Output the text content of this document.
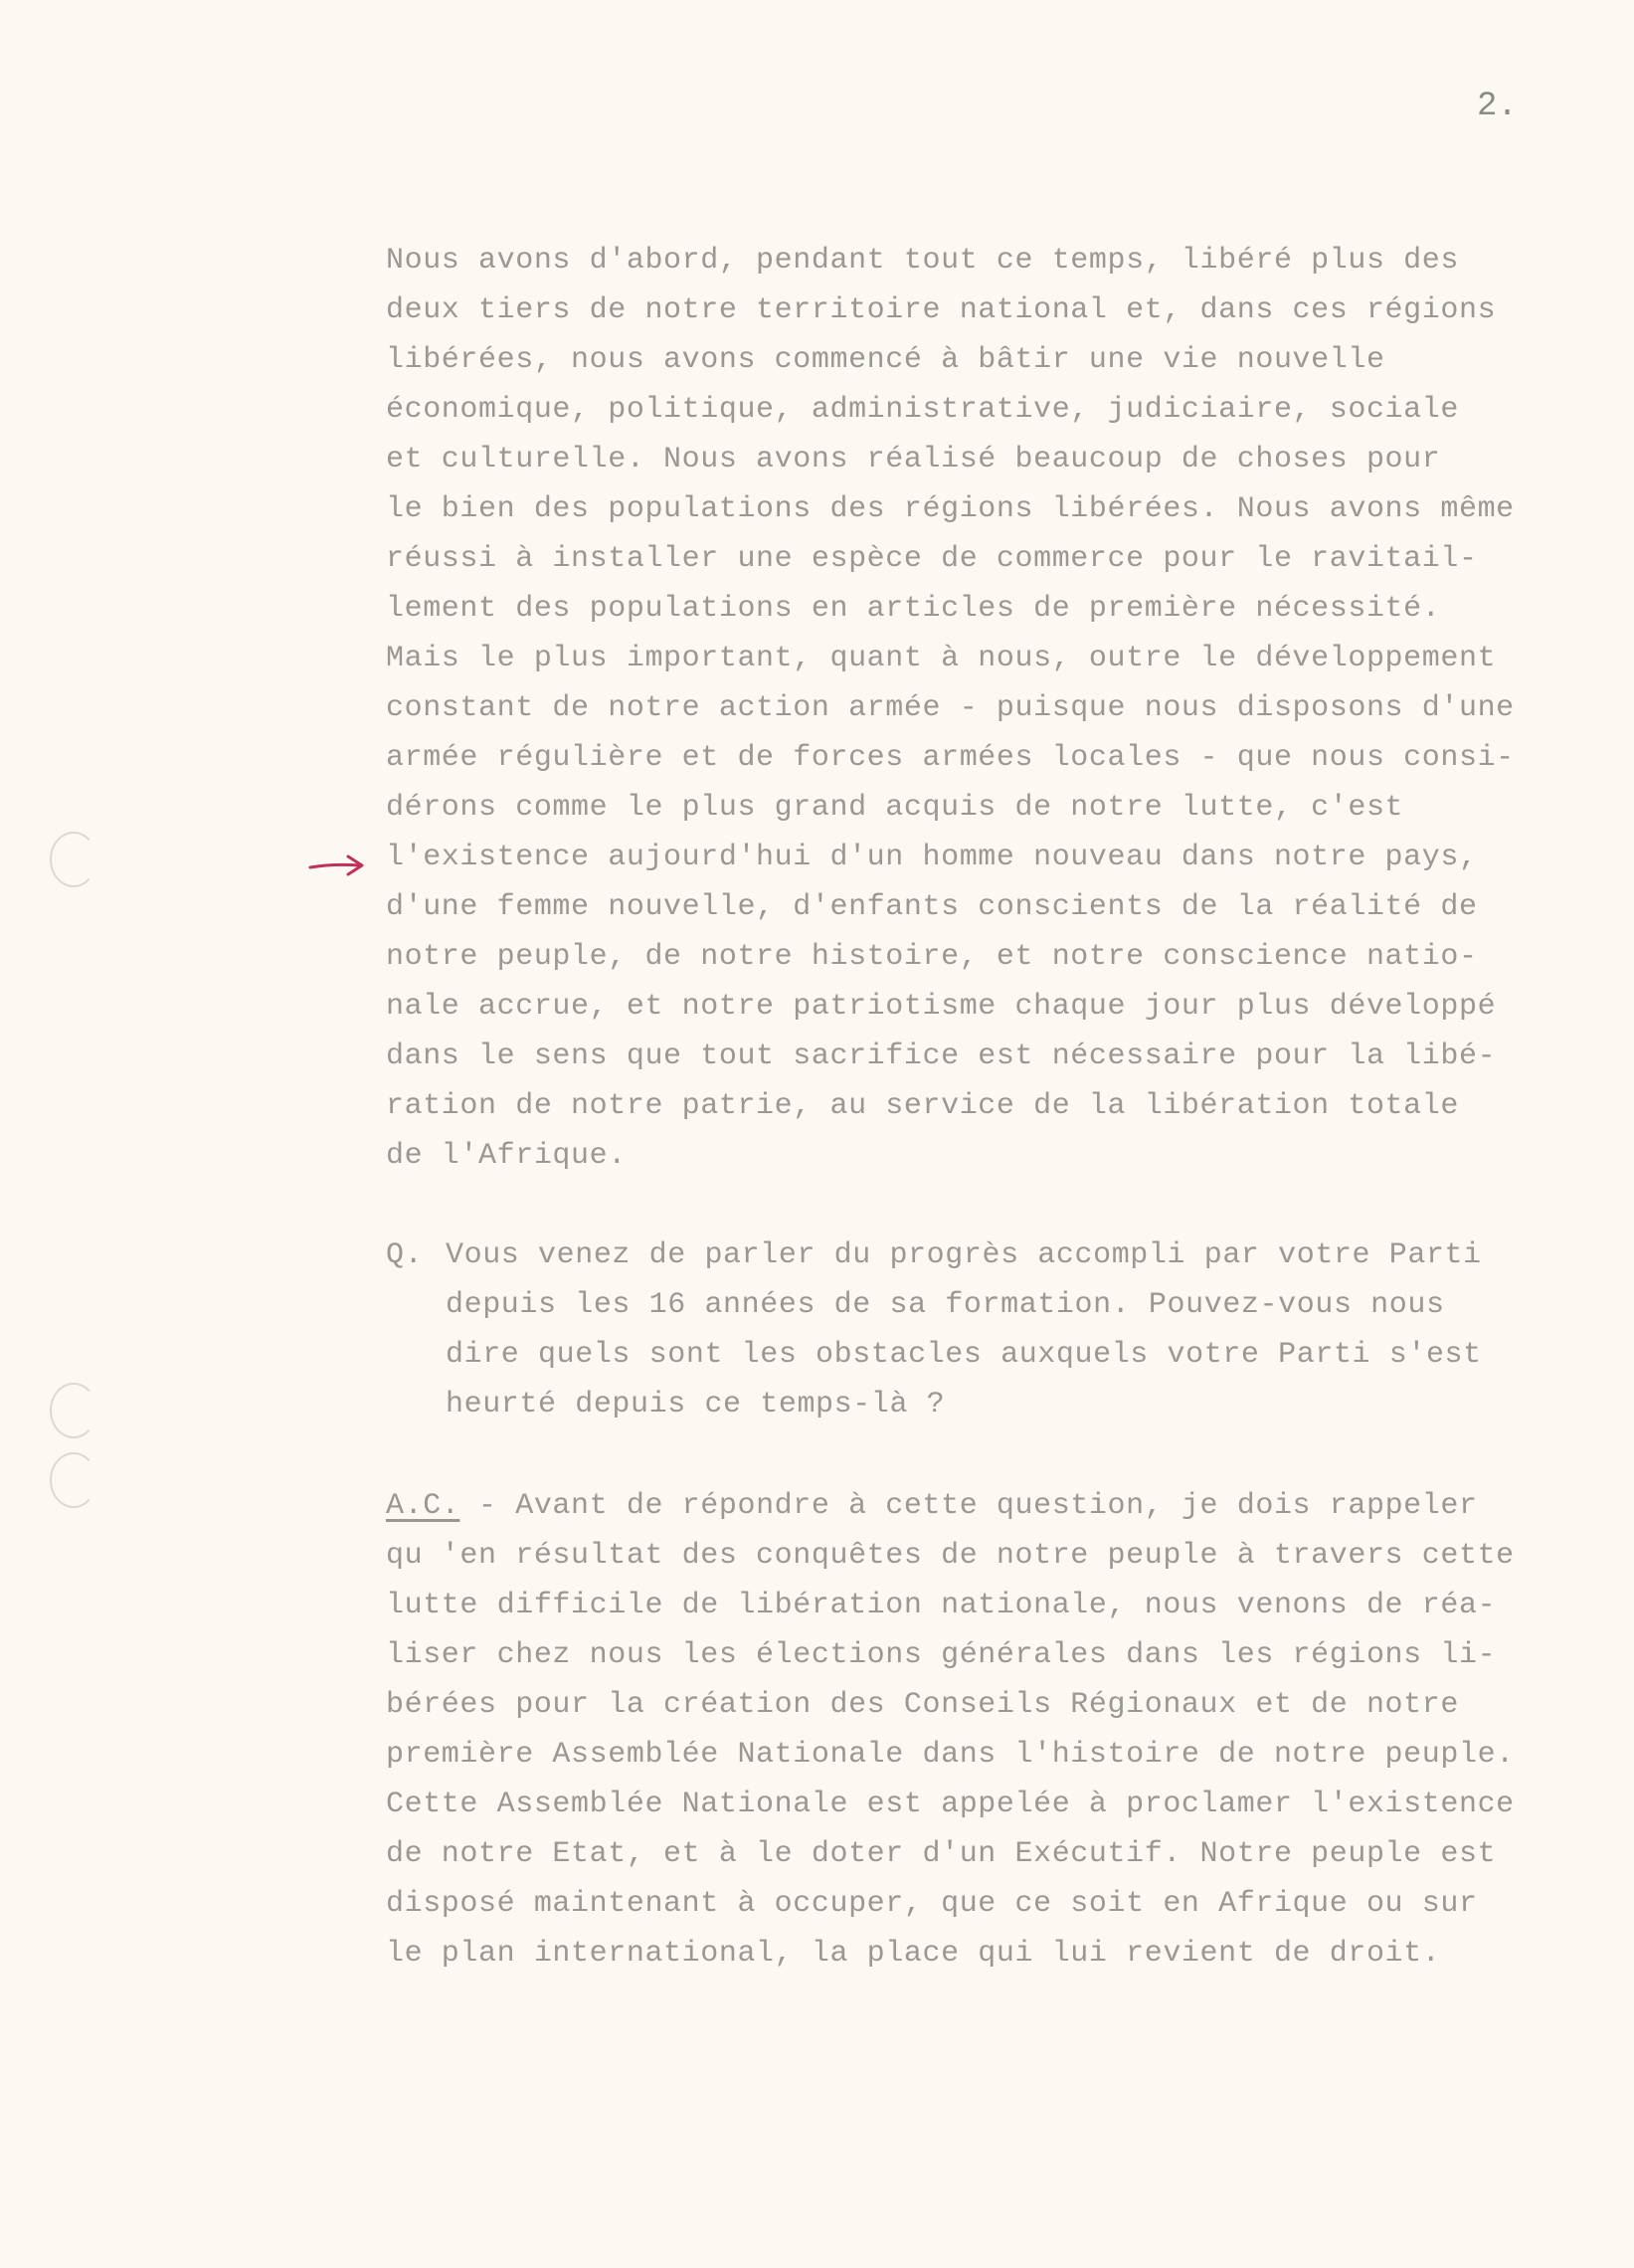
2.
Nous avons d'abord, pendant tout ce temps, libéré plus des
deux tiers de notre territoire national et, dans ces régions
libérées, nous avons commencé à bâtir une vie nouvelle
économique, politique, administrative, judiciaire, sociale
et culturelle. Nous avons réalisé beaucoup de choses pour
le bien des populations des régions libérées. Nous avons même
réussi à installer une espèce de commerce pour le ravitail-
lement des populations en articles de première nécessité.
Mais le plus important, quant à nous, outre le développement
constant de notre action armée - puisque nous disposons d'une
armée régulière et de forces armées locales - que nous consi-
dérons comme le plus grand acquis de notre lutte, c'est
l'existence aujourd'hui d'un homme nouveau dans notre pays,
d'une femme nouvelle, d'enfants conscients de la réalité de
notre peuple, de notre histoire, et notre conscience natio-
nale accrue, et notre patriotisme chaque jour plus développé
dans le sens que tout sacrifice est nécessaire pour la libé-
ration de notre patrie, au service de la libération totale
de l'Afrique.
Q. Vous venez de parler du progrès accompli par votre Parti
depuis les 16 années de sa formation. Pouvez-vous nous
dire quels sont les obstacles auxquels votre Parti s'est
heurté depuis ce temps-là ?
A.C. - Avant de répondre à cette question, je dois rappeler
qu 'en résultat des conquêtes de notre peuple à travers cette
lutte difficile de libération nationale, nous venons de réa-
liser chez nous les élections générales dans les régions li-
bérées pour la création des Conseils Régionaux et de notre
première Assemblée Nationale dans l'histoire de notre peuple.
Cette Assemblée Nationale est appelée à proclamer l'existence
de notre Etat, et à le doter d'un Exécutif. Notre peuple est
disposé maintenant à occuper, que ce soit en Afrique ou sur
le plan international, la place qui lui revient de droit.
